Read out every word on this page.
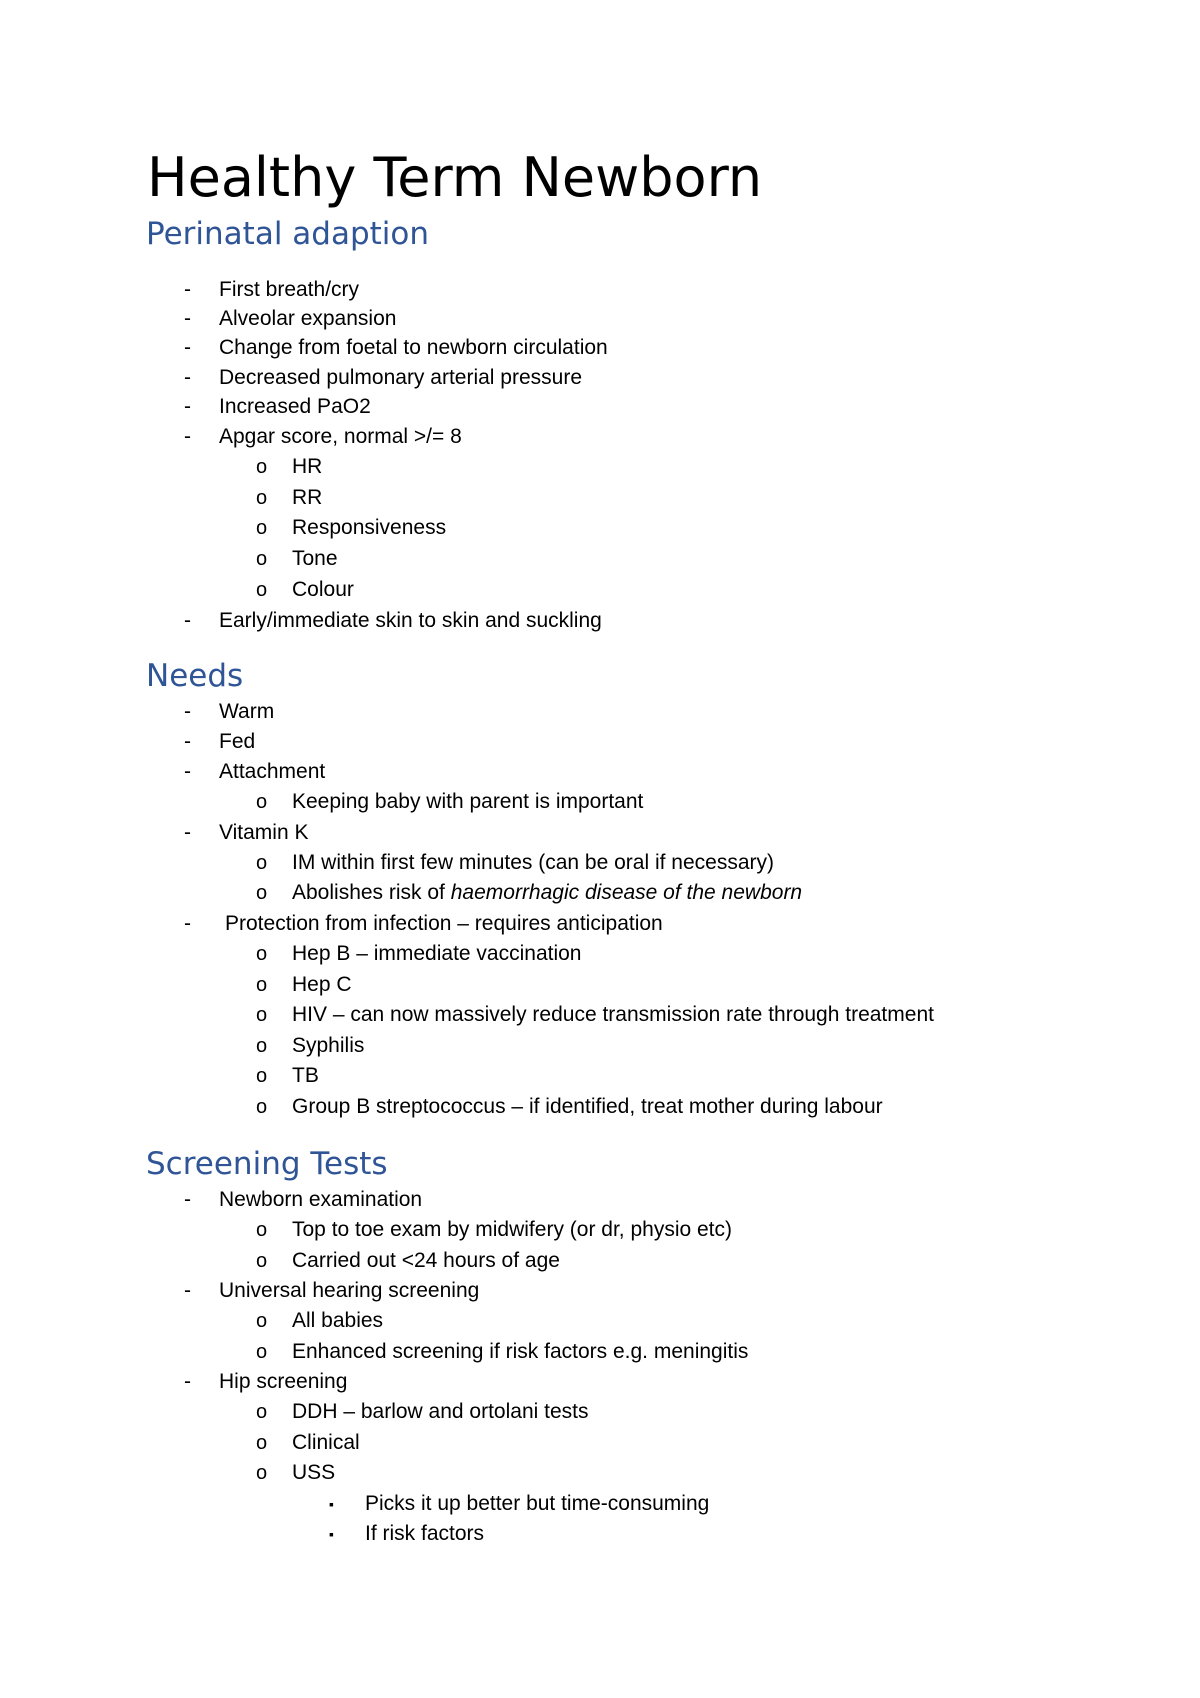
Healthy Term Newborn
Perinatal adaption
- First breath/cry
- Alveolar expansion
- Change from foetal to newborn circulation
- Decreased pulmonary arterial pressure
- Increased PaO2
- Apgar score, normal >/= 8
o HR
o RR
o Responsiveness
o Tone
o Colour
- Early/immediate skin to skin and suckling
Needs
- Warm
- Fed
- Attachment
o Keeping baby with parent is important
- Vitamin K
o IM within first few minutes (can be oral if necessary)
o Abolishes risk of haemorrhagic disease of the newborn
- Protection from infection – requires anticipation
o Hep B – immediate vaccination
o Hep C
o HIV – can now massively reduce transmission rate through treatment
o Syphilis
o TB
o Group B streptococcus – if identified, treat mother during labour
Screening Tests
- Newborn examination
o Top to toe exam by midwifery (or dr, physio etc)
o Carried out <24 hours of age
- Universal hearing screening
o All babies
o Enhanced screening if risk factors e.g. meningitis
- Hip screening
o DDH – barlow and ortolani tests
o Clinical
o USS
▪ Picks it up better but time-consuming
▪ If risk factors
